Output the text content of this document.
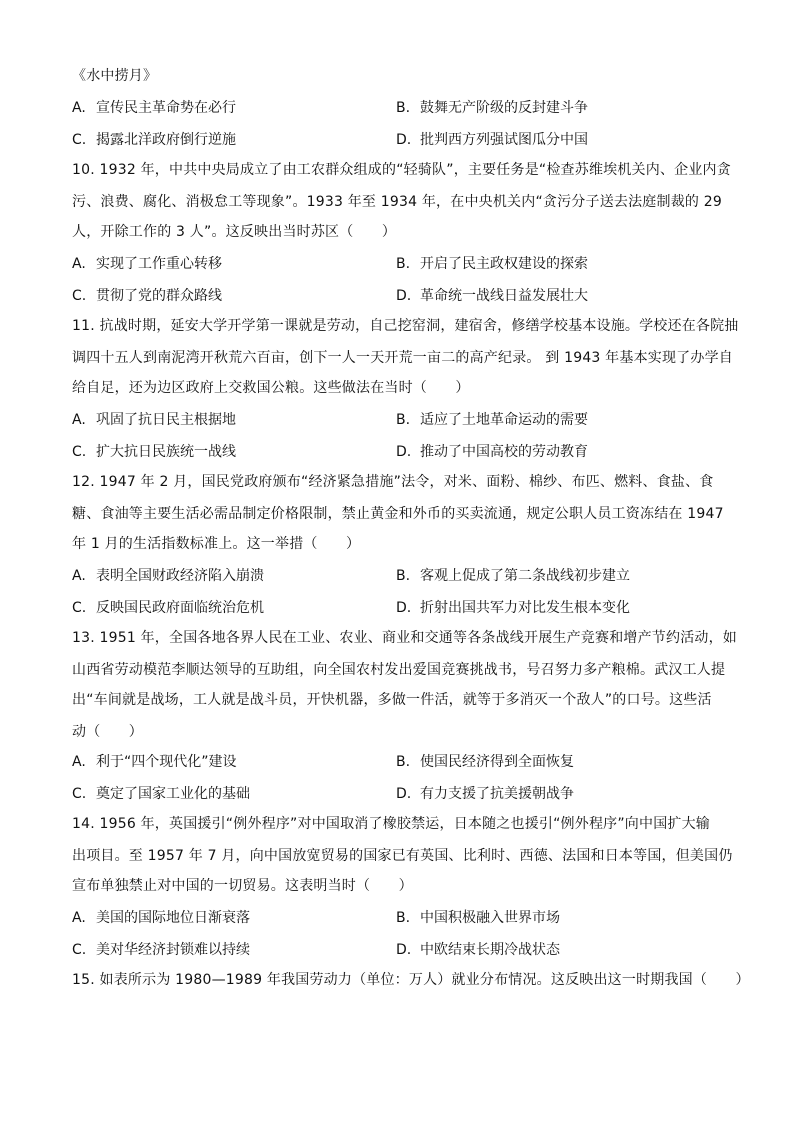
《水中捞月》
A. 宣传民主革命势在必行	B. 鼓舞无产阶级的反封建斗争
C. 揭露北洋政府倒行逆施	D. 批判西方列强试图瓜分中国
10. 1932 年，中共中央局成立了由工农群众组成的“轻骑队”，主要任务是“检查苏维埃机关内、企业内贪
污、浪费、腐化、消极怠工等现象”。1933 年至 1934 年，在中央机关内“贪污分子送去法庭制裁的 29
人，开除工作的 3 人”。这反映出当时苏区（　　）
A. 实现了工作重心转移	B. 开启了民主政权建设的探索
C. 贯彻了党的群众路线	D. 革命统一战线日益发展壮大
11. 抗战时期，延安大学开学第一课就是劳动，自己挖窑洞，建宿舍，修缮学校基本设施。学校还在各院抽
调四十五人到南泥湾开秋荒六百亩，创下一人一天开荒一亩二的高产纪录。 到 1943 年基本实现了办学自
给自足，还为边区政府上交救国公粮。这些做法在当时（　　）
A. 巩固了抗日民主根据地	B. 适应了土地革命运动的需要
C. 扩大抗日民族统一战线	D. 推动了中国高校的劳动教育
12. 1947 年 2 月，国民党政府颁布“经济紧急措施”法令，对米、面粉、棉纱、布匹、燃料、食盐、食
糖、食油等主要生活必需品制定价格限制，禁止黄金和外币的买卖流通，规定公职人员工资冻结在 1947
年 1 月的生活指数标准上。这一举措（　　）
A. 表明全国财政经济陷入崩溃	B. 客观上促成了第二条战线初步建立
C. 反映国民政府面临统治危机	D. 折射出国共军力对比发生根本变化
13. 1951 年，全国各地各界人民在工业、农业、商业和交通等各条战线开展生产竞赛和增产节约活动，如
山西省劳动模范李顺达领导的互助组，向全国农村发出爱国竞赛挑战书，号召努力多产粮棉。武汉工人提
出“车间就是战场，工人就是战斗员，开快机器，多做一件活，就等于多消灭一个敌人”的口号。这些活
动（　　）
A. 利于“四个现代化”建设	B. 使国民经济得到全面恢复
C. 奠定了国家工业化的基础	D. 有力支援了抗美援朝战争
14. 1956 年，英国援引“例外程序”对中国取消了橡胶禁运，日本随之也援引“例外程序”向中国扩大输
出项目。至 1957 年 7 月，向中国放宽贸易的国家已有英国、比利时、西德、法国和日本等国，但美国仍
宣布单独禁止对中国的一切贸易。这表明当时（　　）
A. 美国的国际地位日渐衰落	B. 中国积极融入世界市场
C. 美对华经济封锁难以持续	D. 中欧结束长期冷战状态
15. 如表所示为 1980—1989 年我国劳动力（单位：万人）就业分布情况。这反映出这一时期我国（　　）
